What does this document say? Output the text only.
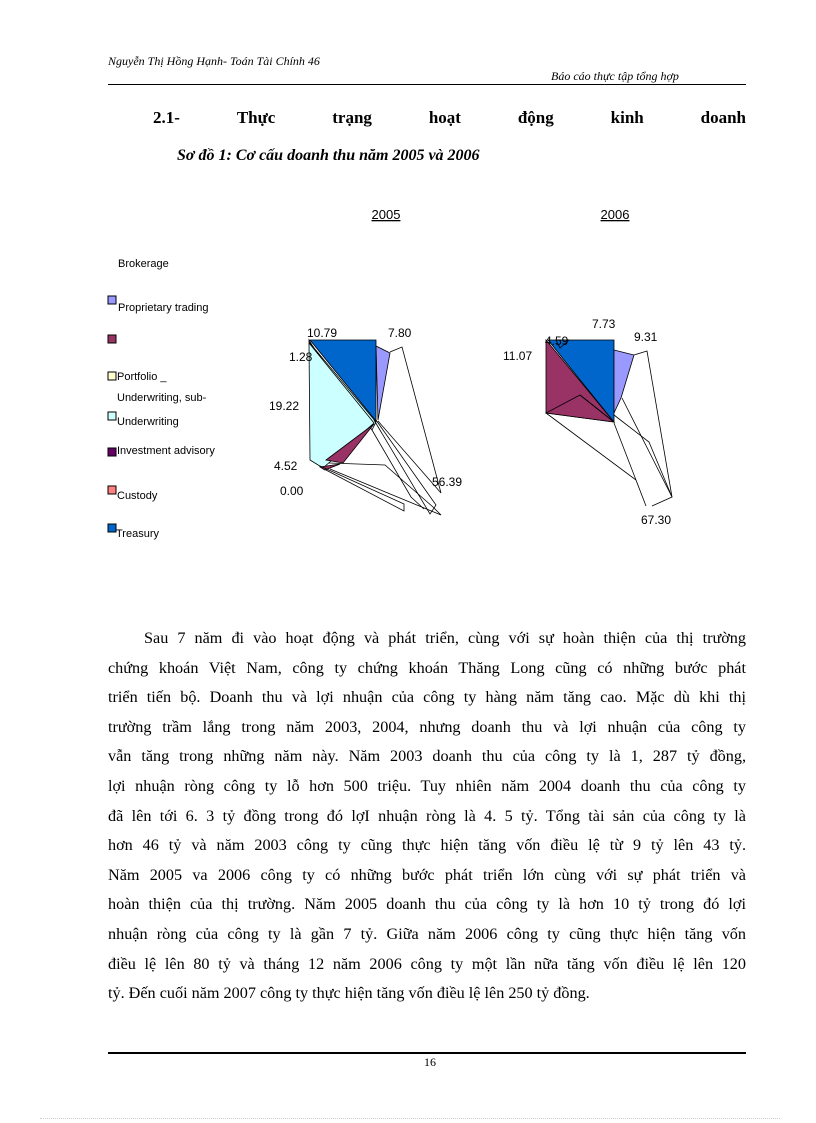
Nguyễn Thị Hồng Hạnh- Toán Tài Chính 46
Báo cáo thực tập tổng hợp
2.1-	Thực	trạng	hoạt	động	kinh	doanh
Sơ đồ 1: Cơ cấu doanh thu năm 2005 và 2006
Brokerage
Proprietary trading
Portfolio _
Underwriting, sub-
Underwriting
Investment advisory
Custody
Treasury
2005
10.79	7.80
1.28
19.22
4.52
0.00
56.39
2006
7.73
4.59	9.31
11.07
67.30
Sau 7 năm đi vào hoạt động và phát triển, cùng với sự hoàn thiện của thị trường
chứng khoán Việt Nam, công ty chứng khoán Thăng Long cũng có những bước phát
triển tiến bộ. Doanh thu và lợi nhuận của công ty hàng năm tăng cao. Mặc dù khi thị
trường trầm lắng trong năm 2003, 2004, nhưng doanh thu và lợi nhuận của công ty
vẫn tăng trong những năm này. Năm 2003 doanh thu của công ty là 1, 287 tỷ đồng,
lợi nhuận ròng công ty lỗ hơn 500 triệu. Tuy nhiên năm 2004 doanh thu của công ty
đã lên tới 6. 3 tỷ đồng trong đó lợI nhuận ròng là 4. 5 tỷ. Tổng tài sản của công ty là
hơn 46 tỷ và năm 2003 công ty cũng thực hiện tăng vốn điều lệ từ 9 tỷ lên 43 tỷ.
Năm 2005 va 2006 công ty có những bước phát triển lớn cùng với sự phát triển và
hoàn thiện của thị trường. Năm 2005 doanh thu của công ty là hơn 10 tỷ trong đó lợi
nhuận ròng của công ty là gần 7 tỷ. Giữa năm 2006 công ty cũng thực hiện tăng vốn
điều lệ lên 80 tỷ và tháng 12 năm 2006 công ty một lần nữa tăng vốn điều lệ lên 120
tỷ. Đến cuối năm 2007 công ty thực hiện tăng vốn điều lệ lên 250 tỷ đồng.
16
